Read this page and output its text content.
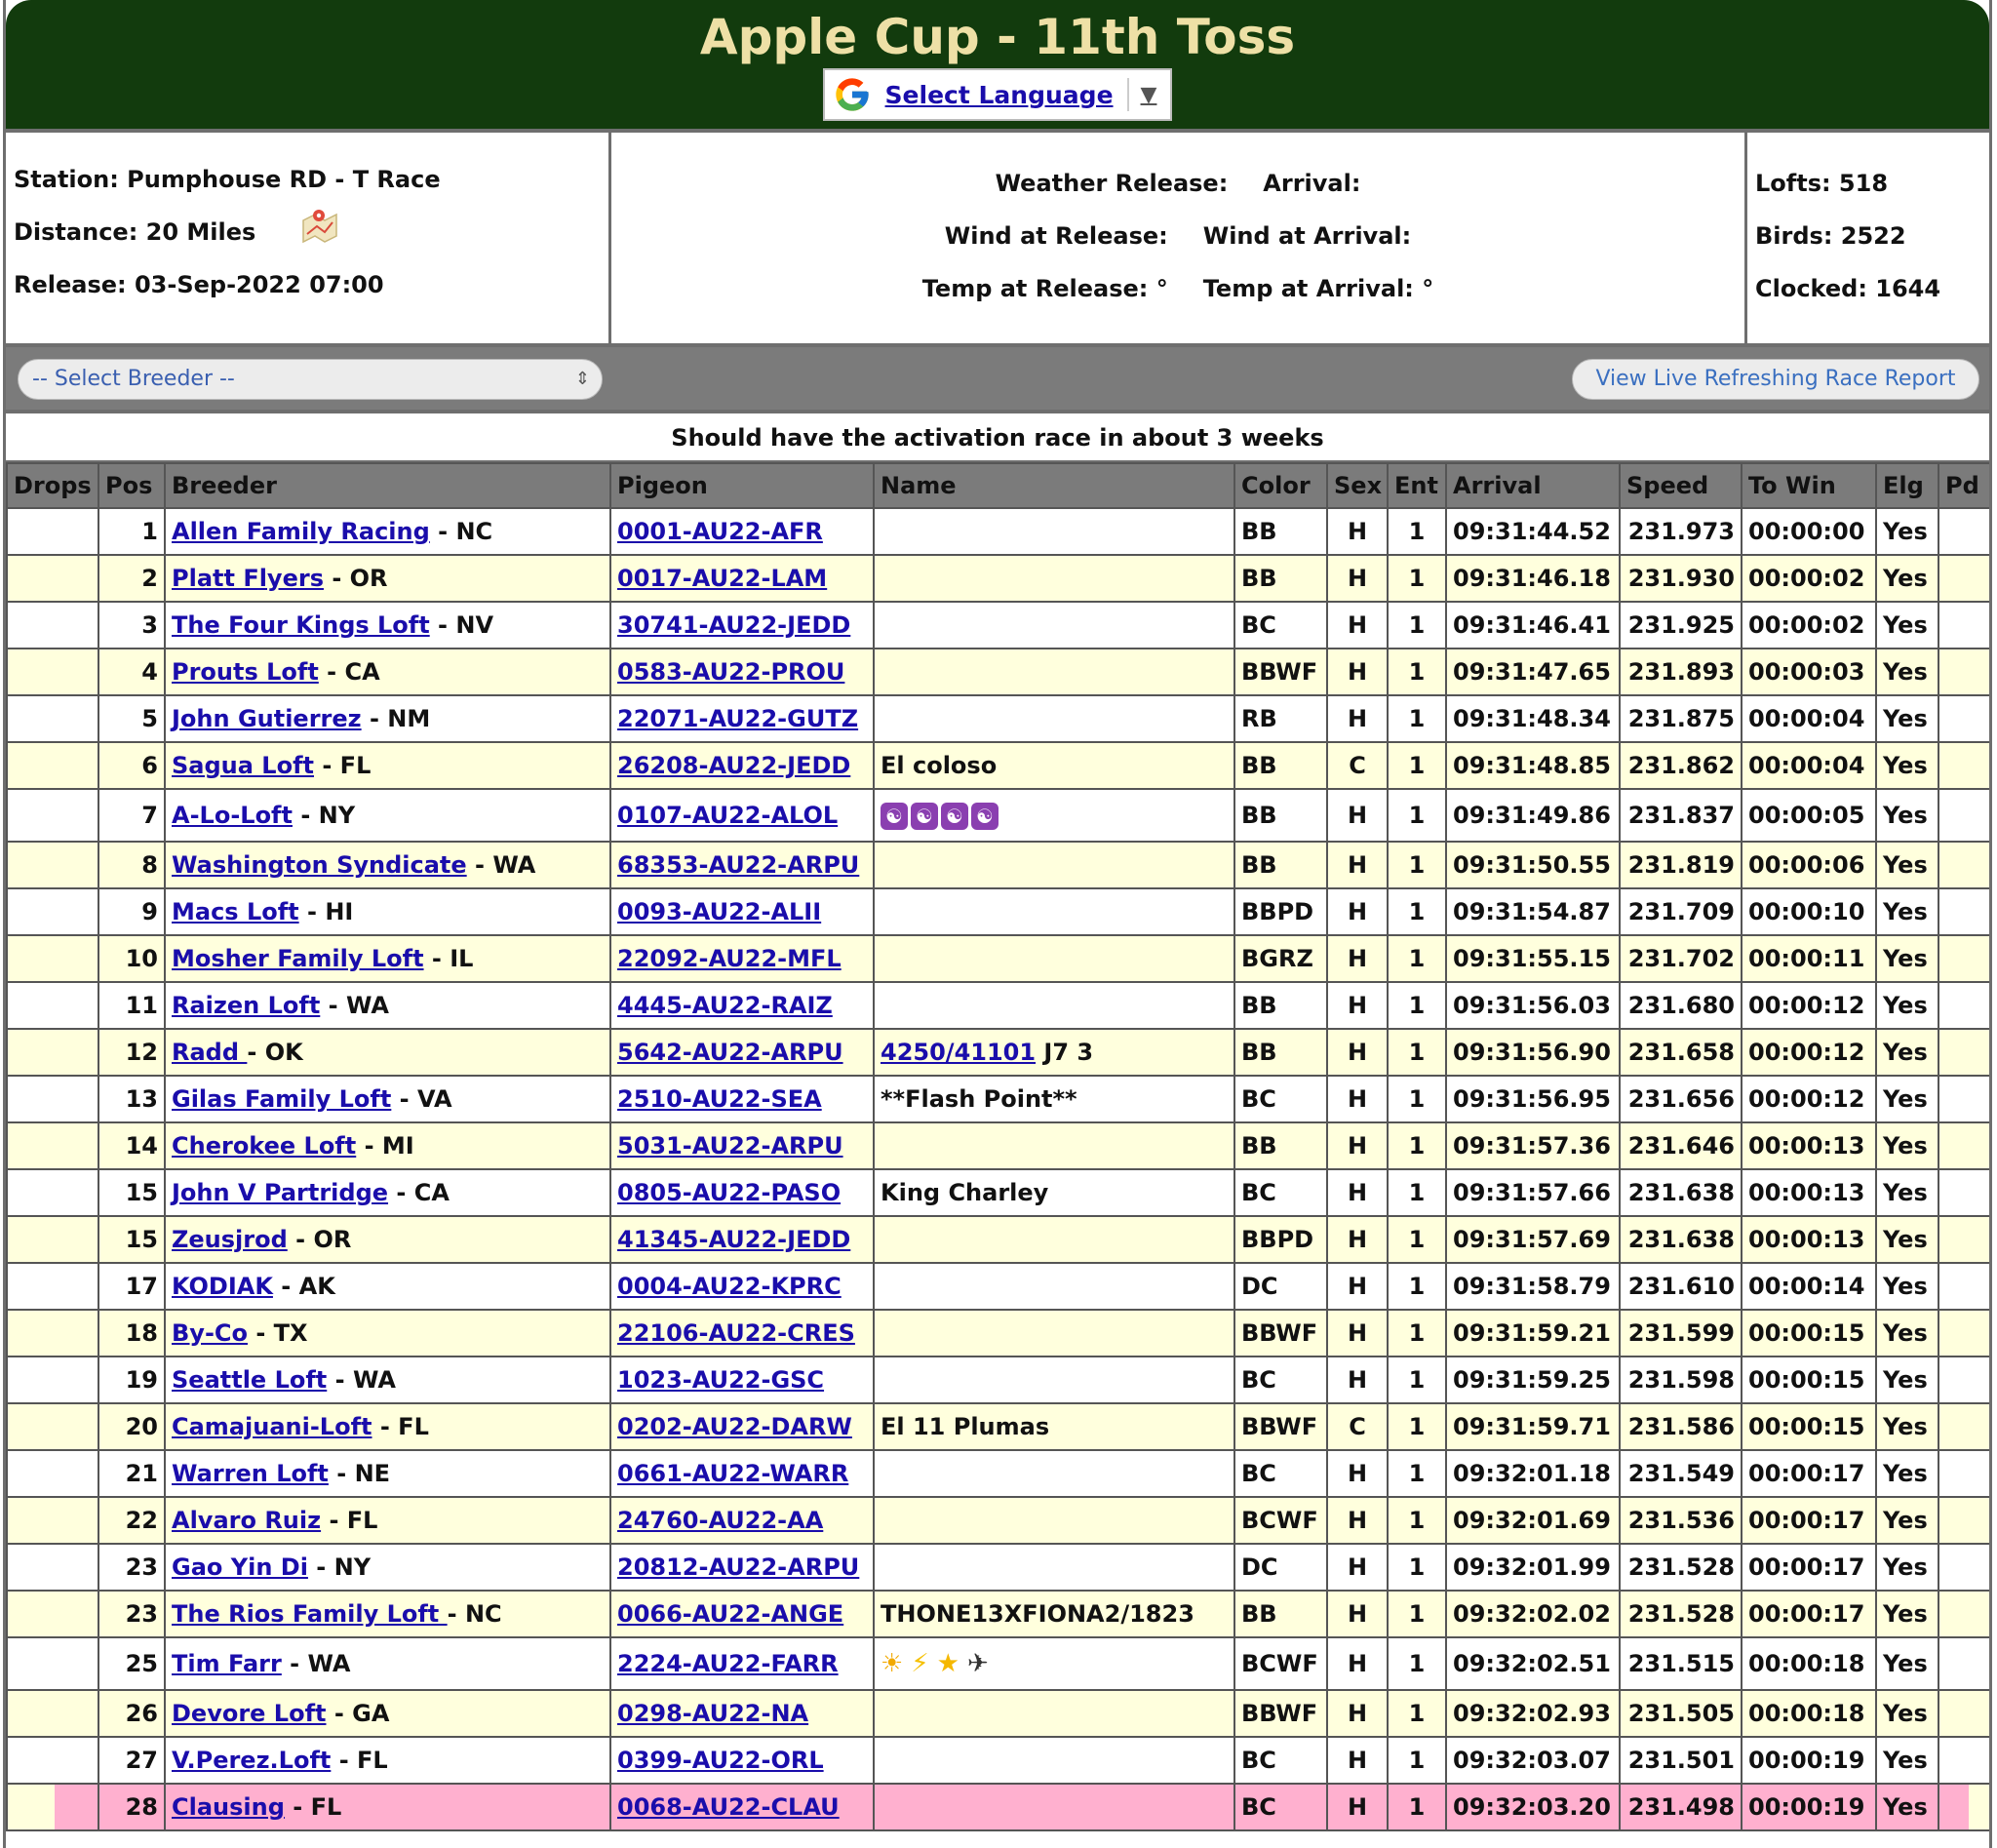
Apple Cup - 11th Toss
Select Language ▼
Station: Pumphouse RD - T Race
Distance: 20 Miles
Release: 03-Sep-2022 07:00
Weather Release: Arrival:
Wind at Release: Wind at Arrival:
Temp at Release: ° Temp at Arrival: °
Lofts: 518
Birds: 2522
Clocked: 1644
-- Select Breeder --	⇕	View Live Refreshing Race Report
Should have the activation race in about 3 weeks
Drops	Pos	Breeder	Pigeon	Name	Color	Sex	Ent	Arrival	Speed	To Win	Elg	Pd
	1	Allen Family Racing - NC	0001-AU22-AFR		BB	H	1	09:31:44.52	231.973	00:00:00	Yes	
	2	Platt Flyers - OR	0017-AU22-LAM		BB	H	1	09:31:46.18	231.930	00:00:02	Yes	
	3	The Four Kings Loft - NV	30741-AU22-JEDD		BC	H	1	09:31:46.41	231.925	00:00:02	Yes	
	4	Prouts Loft - CA	0583-AU22-PROU		BBWF	H	1	09:31:47.65	231.893	00:00:03	Yes	
	5	John Gutierrez - NM	22071-AU22-GUTZ		RB	H	1	09:31:48.34	231.875	00:00:04	Yes	
	6	Sagua Loft - FL	26208-AU22-JEDD	El coloso	BB	C	1	09:31:48.85	231.862	00:00:04	Yes	
	7	A-Lo-Loft - NY	0107-AU22-ALOL	☯ ☯ ☯ ☯	BB	H	1	09:31:49.86	231.837	00:00:05	Yes	
	8	Washington Syndicate - WA	68353-AU22-ARPU		BB	H	1	09:31:50.55	231.819	00:00:06	Yes	
	9	Macs Loft - HI	0093-AU22-ALII		BBPD	H	1	09:31:54.87	231.709	00:00:10	Yes	
	10	Mosher Family Loft - IL	22092-AU22-MFL		BGRZ	H	1	09:31:55.15	231.702	00:00:11	Yes	
	11	Raizen Loft - WA	4445-AU22-RAIZ		BB	H	1	09:31:56.03	231.680	00:00:12	Yes	
	12	Radd - OK	5642-AU22-ARPU	4250/41101 J7 3	BB	H	1	09:31:56.90	231.658	00:00:12	Yes	
	13	Gilas Family Loft - VA	2510-AU22-SEA	**Flash Point**	BC	H	1	09:31:56.95	231.656	00:00:12	Yes	
	14	Cherokee Loft - MI	5031-AU22-ARPU		BB	H	1	09:31:57.36	231.646	00:00:13	Yes	
	15	John V Partridge - CA	0805-AU22-PASO	King Charley	BC	H	1	09:31:57.66	231.638	00:00:13	Yes	
	15	Zeusjrod - OR	41345-AU22-JEDD		BBPD	H	1	09:31:57.69	231.638	00:00:13	Yes	
	17	KODIAK - AK	0004-AU22-KPRC		DC	H	1	09:31:58.79	231.610	00:00:14	Yes	
	18	By-Co - TX	22106-AU22-CRES		BBWF	H	1	09:31:59.21	231.599	00:00:15	Yes	
	19	Seattle Loft - WA	1023-AU22-GSC		BC	H	1	09:31:59.25	231.598	00:00:15	Yes	
	20	Camajuani-Loft - FL	0202-AU22-DARW	El 11 Plumas	BBWF	C	1	09:31:59.71	231.586	00:00:15	Yes	
	21	Warren Loft - NE	0661-AU22-WARR		BC	H	1	09:32:01.18	231.549	00:00:17	Yes	
	22	Alvaro Ruiz - FL	24760-AU22-AA		BCWF	H	1	09:32:01.69	231.536	00:00:17	Yes	
	23	Gao Yin Di - NY	20812-AU22-ARPU		DC	H	1	09:32:01.99	231.528	00:00:17	Yes	
	23	The Rios Family Loft - NC	0066-AU22-ANGE	THONE13XFIONA2/1823	BB	H	1	09:32:02.02	231.528	00:00:17	Yes	
	25	Tim Farr - WA	2224-AU22-FARR	☀ ⚡ ★ ✈	BCWF	H	1	09:32:02.51	231.515	00:00:18	Yes	
	26	Devore Loft - GA	0298-AU22-NA		BBWF	H	1	09:32:02.93	231.505	00:00:18	Yes	
	27	V.Perez.Loft - FL	0399-AU22-ORL		BC	H	1	09:32:03.07	231.501	00:00:19	Yes	
	28	Clausing - FL	0068-AU22-CLAU		BC	H	1	09:32:03.20	231.498	00:00:19	Yes	
